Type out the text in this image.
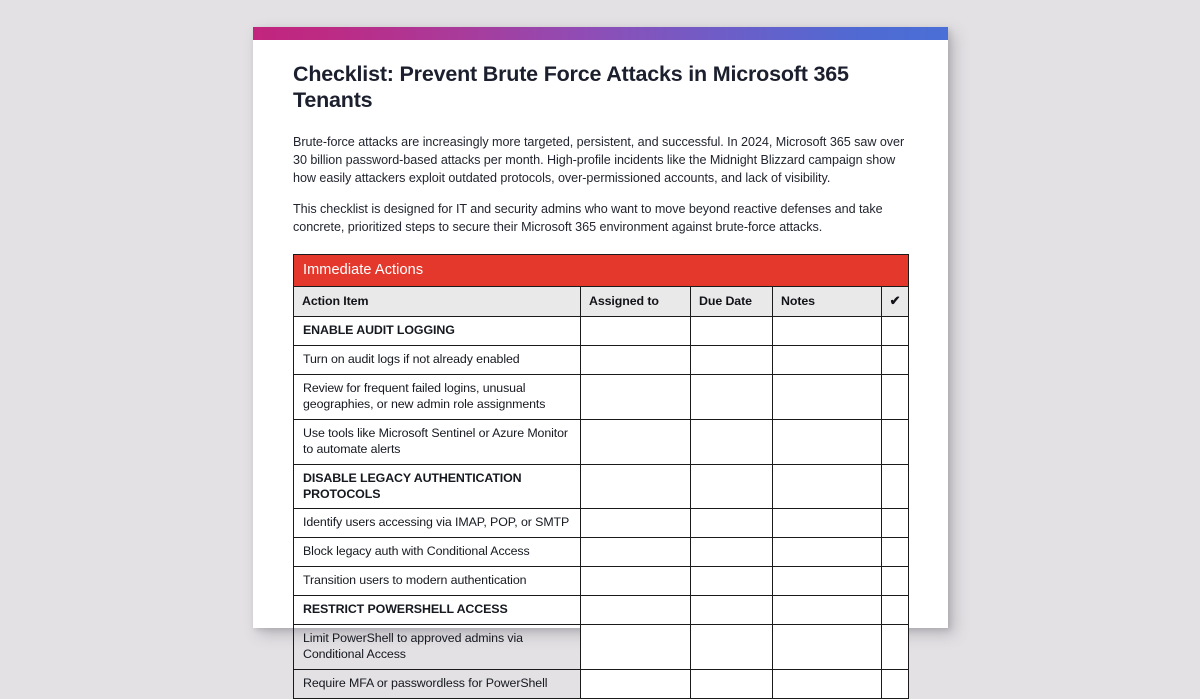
Checklist: Prevent Brute Force Attacks in Microsoft 365 Tenants

Brute-force attacks are increasingly more targeted, persistent, and successful. In 2024, Microsoft 365 saw over 30 billion password-based attacks per month. High-profile incidents like the Midnight Blizzard campaign show how easily attackers exploit outdated protocols, over-permissioned accounts, and lack of visibility.

This checklist is designed for IT and security admins who want to move beyond reactive defenses and take concrete, prioritized steps to secure their Microsoft 365 environment against brute-force attacks.

Immediate Actions				
Action Item	Assigned to	Due Date	Notes	✔
ENABLE AUDIT LOGGING				
Turn on audit logs if not already enabled				
Review for frequent failed logins, unusual geographies, or new admin role assignments				
Use tools like Microsoft Sentinel or Azure Monitor to automate alerts				
DISABLE LEGACY AUTHENTICATION PROTOCOLS				
Identify users accessing via IMAP, POP, or SMTP				
Block legacy auth with Conditional Access				
Transition users to modern authentication				
RESTRICT POWERSHELL ACCESS				
Limit PowerShell to approved admins via Conditional Access				
Require MFA or passwordless for PowerShell				
